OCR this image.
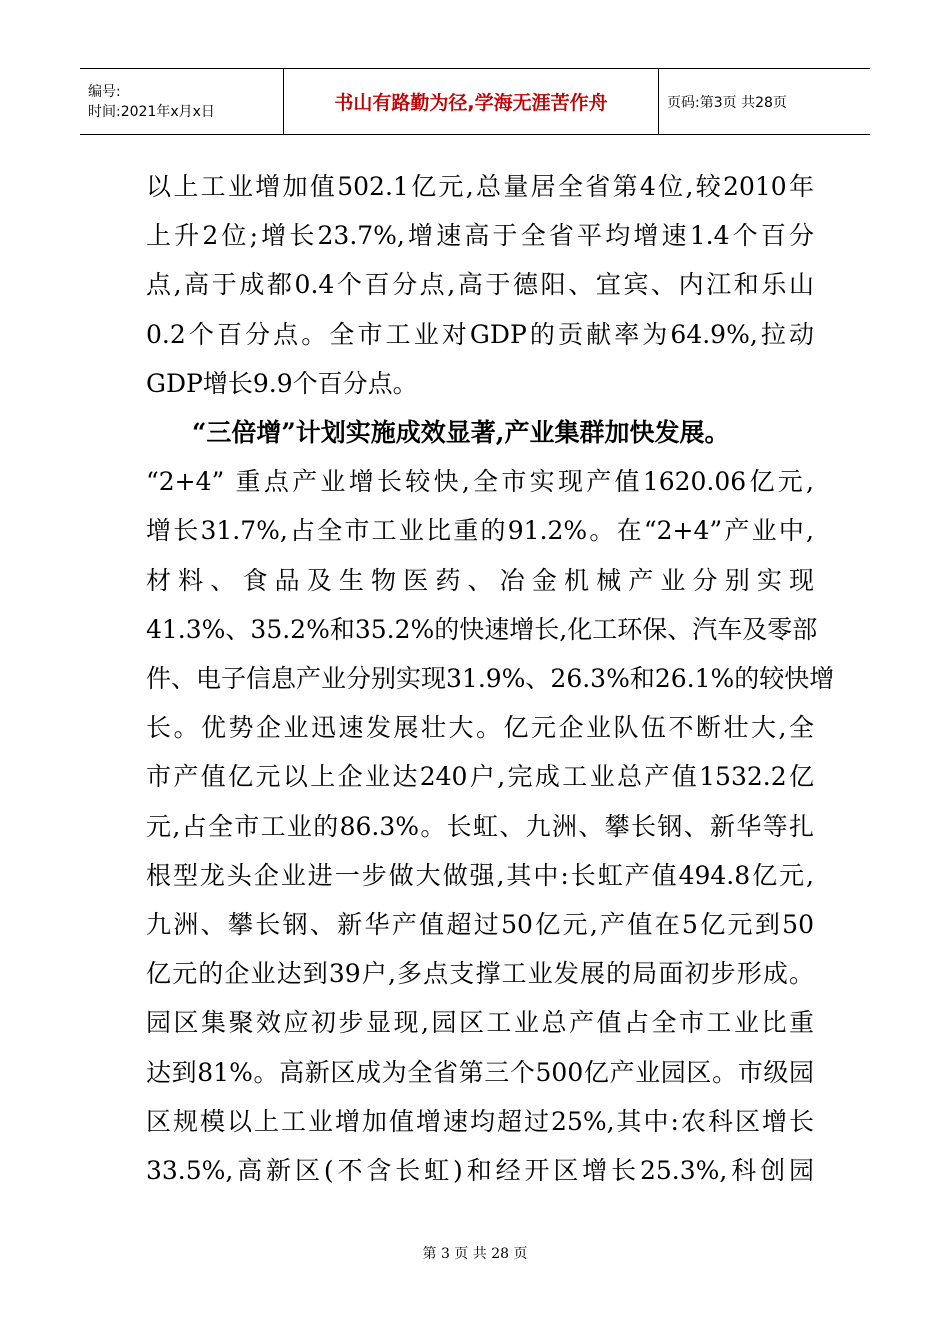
编号:
时间:2021年x月x日	书山有路勤为径,学海无涯苦作舟	页码:第3页 共28页
以上工业增加值502.1亿元,总量居全省第4位,较2010年
上升2位;增长23.7%,增速高于全省平均增速1.4个百分
点,高于成都0.4个百分点,高于德阳、宜宾、内江和乐山
0.2个百分点。全市工业对GDP的贡献率为64.9%,拉动
GDP增长9.9个百分点。
“三倍增”计划实施成效显著,产业集群加快发展。
“2+4” 重点产业增长较快,全市实现产值1620.06亿元,
增长31.7%,占全市工业比重的91.2%。在“2+4”产业中,
材料、食品及生物医药、冶金机械产业分别实现
41.3%、35.2%和35.2%的快速增长,化工环保、汽车及零部
件、电子信息产业分别实现31.9%、26.3%和26.1%的较快增
长。优势企业迅速发展壮大。亿元企业队伍不断壮大,全
市产值亿元以上企业达240户,完成工业总产值1532.2亿
元,占全市工业的86.3%。长虹、九洲、攀长钢、新华等扎
根型龙头企业进一步做大做强,其中:长虹产值494.8亿元,
九洲、攀长钢、新华产值超过50亿元,产值在5亿元到50
亿元的企业达到39户,多点支撑工业发展的局面初步形成。
园区集聚效应初步显现,园区工业总产值占全市工业比重
达到81%。高新区成为全省第三个500亿产业园区。市级园
区规模以上工业增加值增速均超过25%,其中:农科区增长
33.5%,高新区(不含长虹)和经开区增长25.3%,科创园
第 3 页 共 28 页
